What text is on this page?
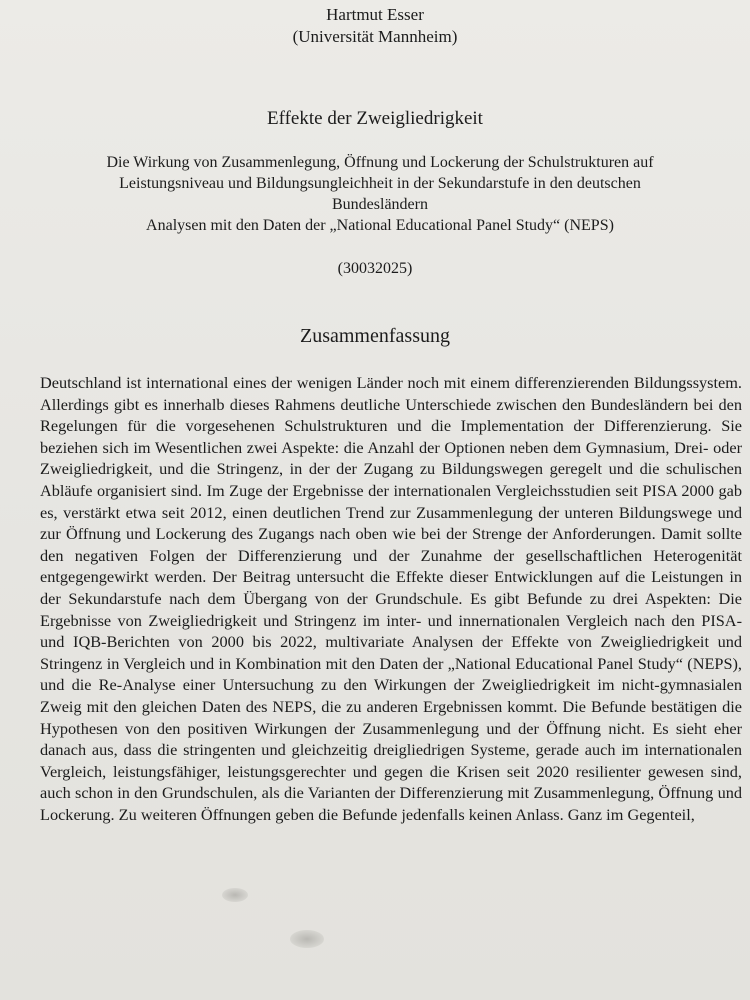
Hartmut Esser
(Universität Mannheim)
Effekte der Zweigliedrigkeit
Die Wirkung von Zusammenlegung, Öffnung und Lockerung der Schulstrukturen auf
Leistungsniveau und Bildungsungleichheit in der Sekundarstufe in den deutschen
Bundesländern
Analysen mit den Daten der „National Educational Panel Study“ (NEPS)
(30032025)
Zusammenfassung

Deutschland ist international eines der wenigen Länder noch mit einem differenzierenden Bildungssystem. Allerdings gibt es innerhalb dieses Rahmens deutliche Unterschiede zwischen den Bundesländern bei den Regelungen für die vorgesehenen Schulstrukturen und die Implementation der Differenzierung. Sie beziehen sich im Wesentlichen zwei Aspekte: die Anzahl der Optionen neben dem Gymnasium, Drei- oder Zweigliedrigkeit, und die Stringenz, in der der Zugang zu Bildungswegen geregelt und die schulischen Abläufe organisiert sind. Im Zuge der Ergebnisse der internationalen Vergleichsstudien seit PISA 2000 gab es, verstärkt etwa seit 2012, einen deutlichen Trend zur Zusammenlegung der unteren Bildungswege und zur Öffnung und Lockerung des Zugangs nach oben wie bei der Strenge der Anforderungen. Damit sollte den negativen Folgen der Differenzierung und der Zunahme der gesellschaftlichen Heterogenität entgegengewirkt werden. Der Beitrag untersucht die Effekte dieser Entwicklungen auf die Leistungen in der Sekundarstufe nach dem Übergang von der Grundschule. Es gibt Befunde zu drei Aspekten: Die Ergebnisse von Zweigliedrigkeit und Stringenz im inter- und innernationalen Vergleich nach den PISA- und IQB-Berichten von 2000 bis 2022, multivariate Analysen der Effekte von Zweigliedrigkeit und Stringenz in Vergleich und in Kombination mit den Daten der „National Educational Panel Study“ (NEPS), und die Re-Analyse einer Untersuchung zu den Wirkungen der Zweigliedrigkeit im nicht-gymnasialen Zweig mit den gleichen Daten des NEPS, die zu anderen Ergebnissen kommt. Die Befunde bestätigen die Hypothesen von den positiven Wirkungen der Zusammenlegung und der Öffnung nicht. Es sieht eher danach aus, dass die stringenten und gleichzeitig dreigliedrigen Systeme, gerade auch im internationalen Vergleich, leistungsfähiger, leistungsgerechter und gegen die Krisen seit 2020 resilienter gewesen sind, auch schon in den Grundschulen, als die Varianten der Differenzierung mit Zusammenlegung, Öffnung und Lockerung. Zu weiteren Öffnungen geben die Befunde jedenfalls keinen Anlass. Ganz im Gegenteil,
